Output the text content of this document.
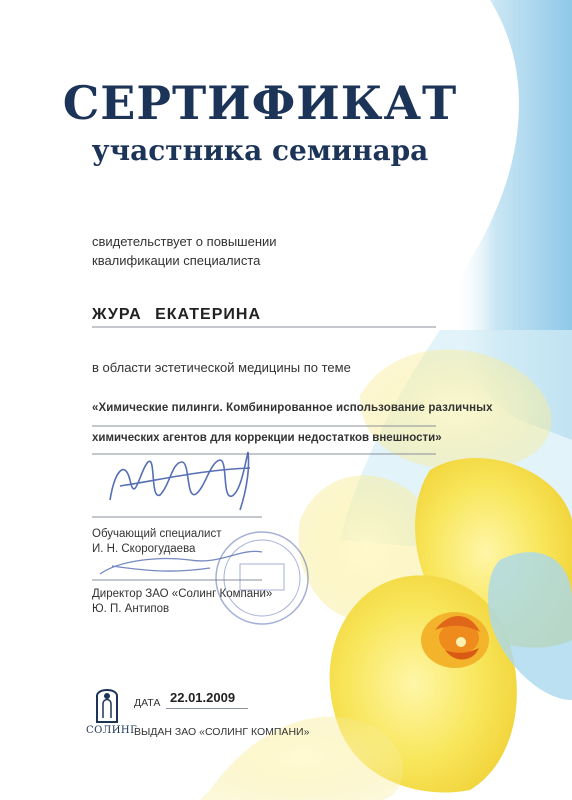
СЕРТИФИКАТ
участника семинара
свидетельствует о повышении
квалификации специалиста
ЖУРА ЕКАТЕРИНА
в области эстетической медицины по теме
«Химические пилинги. Комбинированное использование различных
химических агентов для коррекции недостатков внешности»
Обучающий специалист
И. Н. Скорогудаева
Директор ЗАО «Солинг Компани»
Ю. П. Антипов
СОЛИНГ
ДАТА 22.01.2009
ВЫДАН ЗАО «СОЛИНГ КОМПАНИ»
